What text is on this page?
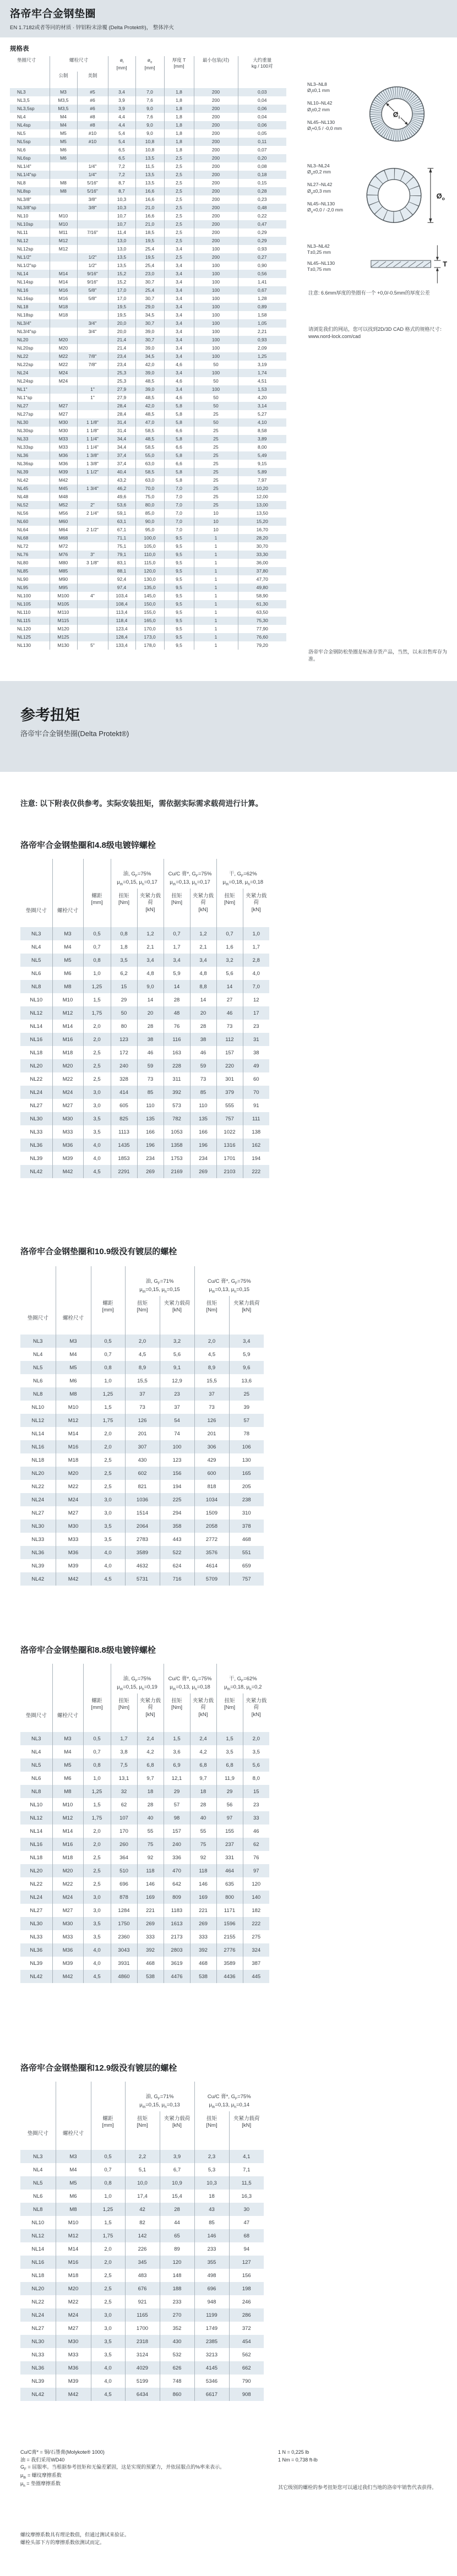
洛帝牢合金钢垫圈
EN 1.7182或者等同的材质 · 锌铝粉末涂覆 (Delta Protekt®)， 整体淬火
规格表
垫圈尺寸	螺栓尺寸	$ø_i$
[mm]

$ø_o$
[mm]

厚度 T
[mm]
	最小包装(对)	大约重量
kg / 100对

	公制	美制					
NL3	M3	#5	3,4	7,0	1,8	200	0,03
NL3,5	M3,5	#6	3,9	7,6	1,8	200	0,04
NL3,5sp	M3,5	#6	3,9	9,0	1,8	200	0,06
NL4	M4	#8	4,4	7,6	1,8	200	0,04
NL4sp	M4	#8	4,4	9,0	1,8	200	0,06
NL5	M5	#10	5,4	9,0	1,8	200	0,05
NL5sp	M5	#10	5,4	10,8	1,8	200	0,11
NL6	M6		6,5	10,8	1,8	200	0,07
NL6sp	M6		6,5	13,5	2,5	200	0,20
NL1/4"		1/4"	7,2	11,5	2,5	200	0,08
NL1/4"sp		1/4"	7,2	13,5	2,5	200	0,18
NL8	M8	5/16"	8,7	13,5	2,5	200	0,15
NL8sp	M8	5/16"	8,7	16,6	2,5	200	0,28
NL3/8"		3/8"	10,3	16,6	2,5	200	0,23
NL3/8"sp		3/8"	10,3	21,0	2,5	200	0,48
NL10	M10		10,7	16,6	2,5	200	0,22
NL10sp	M10		10,7	21,0	2,5	200	0,47
NL11	M11	7/16"	11,4	18,5	2,5	200	0,29
NL12	M12		13,0	19,5	2,5	200	0,29
NL12sp	M12		13,0	25,4	3,4	100	0,93
NL1/2"		1/2"	13,5	19,5	2,5	200	0,27
NL1/2"sp		1/2"	13,5	25,4	3,4	100	0,90
NL14	M14	9/16"	15,2	23,0	3,4	100	0,56
NL14sp	M14	9/16"	15,2	30,7	3,4	100	1,41
NL16	M16	5/8"	17,0	25,4	3,4	100	0,67
NL16sp	M16	5/8"	17,0	30,7	3,4	100	1,28
NL18	M18		19,5	29,0	3,4	100	0,89
NL18sp	M18		19,5	34,5	3,4	100	1,58
NL3/4"		3/4"	20,0	30,7	3,4	100	1,05
NL3/4"sp		3/4"	20,0	39,0	3,4	100	2,21
NL20	M20		21,4	30,7	3,4	100	0,93
NL20sp	M20		21,4	39,0	3,4	100	2,09
NL22	M22	7/8"	23,4	34,5	3,4	100	1,25
NL22sp	M22	7/8"	23,4	42,0	4,6	50	3,19
NL24	M24		25,3	39,0	3,4	100	1,74
NL24sp	M24		25,3	48,5	4,6	50	4,51
NL1"		1"	27,9	39,0	3,4	100	1,53
NL1"sp		1"	27,9	48,5	4,6	50	4,20
NL27	M27		28,4	42,0	5,8	50	3,14
NL27sp	M27		28,4	48,5	5,8	25	5,27
NL30	M30	1 1/8"	31,4	47,0	5,8	50	4,10
NL30sp	M30	1 1/8"	31,4	58,5	6,6	25	8,58
NL33	M33	1 1/4"	34,4	48,5	5,8	25	3,89
NL33sp	M33	1 1/4"	34,4	58,5	6,6	25	8,00
NL36	M36	1 3/8"	37,4	55,0	5,8	25	5,49
NL36sp	M36	1 3/8"	37,4	63,0	6,6	25	9,15
NL39	M39	1 1/2"	40,4	58,5	5,8	25	5,89
NL42	M42		43,2	63,0	5,8	25	7,97
NL45	M45	1 3/4"	46,2	70,0	7,0	25	10,20
NL48	M48		49,6	75,0	7,0	25	12,00
NL52	M52	2"	53,6	80,0	7,0	25	13,00
NL56	M56	2 1/4"	59,1	85,0	7,0	10	13,50
NL60	M60		63,1	90,0	7,0	10	15,20
NL64	M64	2 1/2"	67,1	95,0	7,0	10	16,70
NL68	M68		71,1	100,0	9,5	1	28,20
NL72	M72		75,1	105,0	9,5	1	30,70
NL76	M76	3"	79,1	110,0	9,5	1	33,30
NL80	M80	3 1/8"	83,1	115,0	9,5	1	36,00
NL85	M85		88,1	120,0	9,5	1	37,80
NL90	M90		92,4	130,0	9,5	1	47,70
NL95	M95		97,4	135,0	9,5	1	49,80
NL100	M100	4"	103,4	145,0	9,5	1	58,90
NL105	M105		108,4	150,0	9,5	1	61,30
NL110	M110		113,4	155,0	9,5	1	63,50
NL115	M115		118,4	165,0	9,5	1	75,30
NL120	M120		123,4	170,0	9,5	1	77,90
NL125	M125		128,4	173,0	9,5	1	76,60
NL130	M130	5"	133,4	178,0	9,5	1	79,20
NL3–NL8
$Ø_i\pm 0,1$ mm
NL10–NL42
$Ø_i\pm 0,2$ mm
NL45–NL130
$Ø_i+0,5 / -0,0$ mm
$Ø_i$
NL3–NL24
$Ø_o\pm 0,2$ mm
NL27–NL42
$Ø_o\pm 0,3$ mm
NL45–NL130
$Ø_o+0,0 / -2,0$ mm
$Ø_o$
NL3–NL42
T±0,25 mm
NL45–NL130
T±0,75 mm
T
注意: 6.6mm厚度的垫圈有一个 +0,0/-0.5mm的厚度公差
请浏览我们的网站，您可以找到2D/3D CAD 格式的规格尺寸：www.nord-lock.com/cad
洛帝牢合金钢防松垫圈是标准存货产品，当然，以未出售库存为准。
参考扭矩
洛帝牢合金钢垫圈(Delta Protekt®)
注意: 以下附表仅供参考。实际安装扭矩，需依据实际需求载荷进行计算。
洛帝牢合金钢垫圈和4.8级电镀锌螺栓

油, $G_F=75\%$
$\mu_{th}=0,15$, $\mu_h=0,17$

Cu/C 膏*, $G_F=75\%$
$\mu_{th}=0,13$, $\mu_h=0,17$

干, $G_F=62\%$
$\mu_{th}=0,18$, $\mu_h=0,18$

垫圈尺寸	螺栓尺寸	
螺距
[mm]

扭矩
[Nm]

夹紧力载荷
[kN]

扭矩
[Nm]

夹紧力载荷
[kN]

扭矩
[Nm]

夹紧力载荷
[kN]

NL3	M3	0,5	0,8	1,2	0,7	1,2	0,7	1,0
NL4	M4	0,7	1,8	2,1	1,7	2,1	1,6	1,7
NL5	M5	0,8	3,5	3,4	3,4	3,4	3,2	2,8
NL6	M6	1,0	6,2	4,8	5,9	4,8	5,6	4,0
NL8	M8	1,25	15	9,0	14	8,8	14	7,0
NL10	M10	1,5	29	14	28	14	27	12
NL12	M12	1,75	50	20	48	20	46	17
NL14	M14	2,0	80	28	76	28	73	23
NL16	M16	2,0	123	38	116	38	112	31
NL18	M18	2,5	172	46	163	46	157	38
NL20	M20	2,5	240	59	228	59	220	49
NL22	M22	2,5	328	73	311	73	301	60
NL24	M24	3,0	414	85	392	85	379	70
NL27	M27	3,0	605	110	573	110	555	91
NL30	M30	3,5	825	135	782	135	757	111
NL33	M33	3,5	1113	166	1053	166	1022	138
NL36	M36	4,0	1435	196	1358	196	1316	162
NL39	M39	4,0	1853	234	1753	234	1701	194
NL42	M42	4,5	2291	269	2169	269	2103	222
洛帝牢合金钢垫圈和10.9级没有镀层的螺栓

油, $G_F=71\%$
$\mu_{th}=0,15$, $\mu_h=0,15$

Cu/C 膏*, $G_F=75\%$
$\mu_{th}=0,13$, $\mu_h=0,15$

垫圈尺寸	螺栓尺寸	
螺距
[mm]

扭矩
[Nm]

夹紧力载荷
[kN]

扭矩
[Nm]

夹紧力载荷
[kN]

NL3	M3	0,5	2,0	3,2	2,0	3,4
NL4	M4	0,7	4,5	5,6	4,5	5,9
NL5	M5	0,8	8,9	9,1	8,9	9,6
NL6	M6	1,0	15,5	12,9	15,5	13,6
NL8	M8	1,25	37	23	37	25
NL10	M10	1,5	73	37	73	39
NL12	M12	1,75	126	54	126	57
NL14	M14	2,0	201	74	201	78
NL16	M16	2,0	307	100	306	106
NL18	M18	2,5	430	123	429	130
NL20	M20	2,5	602	156	600	165
NL22	M22	2,5	821	194	818	205
NL24	M24	3,0	1036	225	1034	238
NL27	M27	3,0	1514	294	1509	310
NL30	M30	3,5	2064	358	2058	378
NL33	M33	3,5	2783	443	2772	468
NL36	M36	4,0	3589	522	3576	551
NL39	M39	4,0	4632	624	4614	659
NL42	M42	4,5	5731	716	5709	757
洛帝牢合金钢垫圈和8.8级电镀锌螺栓

油, $G_F=75\%$
$\mu_{th}=0,15$, $\mu_h=0,19$

Cu/C 膏*, $G_F=75\%$
$\mu_{th}=0,13$, $\mu_h=0,18$

干, $G_F=62\%$
$\mu_{th}=0,18$, $\mu_h=0,2$

垫圈尺寸	螺栓尺寸	
螺距
[mm]

扭矩
[Nm]

夹紧力载荷
[kN]

扭矩
[Nm]

夹紧力载荷
[kN]

扭矩
[Nm]

夹紧力载荷
[kN]

NL3	M3	0,5	1,7	2,4	1,5	2,4	1,5	2,0
NL4	M4	0,7	3,8	4,2	3,6	4,2	3,5	3,5
NL5	M5	0,8	7,5	6,8	6,9	6,8	6,8	5,6
NL6	M6	1,0	13,1	9,7	12,1	9,7	11,9	8,0
NL8	M8	1,25	32	18	29	18	29	15
NL10	M10	1,5	62	28	57	28	56	23
NL12	M12	1,75	107	40	98	40	97	33
NL14	M14	2,0	170	55	157	55	155	46
NL16	M16	2,0	260	75	240	75	237	62
NL18	M18	2,5	364	92	336	92	331	76
NL20	M20	2,5	510	118	470	118	464	97
NL22	M22	2,5	696	146	642	146	635	120
NL24	M24	3,0	878	169	809	169	800	140
NL27	M27	3,0	1284	221	1183	221	1171	182
NL30	M30	3,5	1750	269	1613	269	1596	222
NL33	M33	3,5	2360	333	2173	333	2155	275
NL36	M36	4,0	3043	392	2803	392	2776	324
NL39	M39	4,0	3931	468	3619	468	3589	387
NL42	M42	4,5	4860	538	4476	538	4436	445
洛帝牢合金钢垫圈和12.9级没有镀层的螺栓

油, $G_F=71\%$
$\mu_{th}=0,15$, $\mu_h=0,13$

Cu/C 膏*, $G_F=75\%$
$\mu_{th}=0,13$, $\mu_h=0,14$

垫圈尺寸	螺栓尺寸	
螺距
[mm]

扭矩
[Nm]

夹紧力载荷
[kN]

扭矩
[Nm]

夹紧力载荷
[kN]

NL3	M3	0,5	2,2	3,9	2,3	4,1
NL4	M4	0,7	5,1	6,7	5,3	7,1
NL5	M5	0,8	10,0	10,9	10,3	11,5
NL6	M6	1,0	17,4	15,4	18	16,3
NL8	M8	1,25	42	28	43	30
NL10	M10	1,5	82	44	85	47
NL12	M12	1,75	142	65	146	68
NL14	M14	2,0	226	89	233	94
NL16	M16	2,0	345	120	355	127
NL18	M18	2,5	483	148	498	156
NL20	M20	2,5	676	188	696	198
NL22	M22	2,5	921	233	948	246
NL24	M24	3,0	1165	270	1199	286
NL27	M27	3,0	1700	352	1749	372
NL30	M30	3,5	2318	430	2385	454
NL33	M33	3,5	3124	532	3213	562
NL36	M36	4,0	4029	626	4145	662
NL39	M39	4,0	5199	748	5346	790
NL42	M42	4,5	6434	860	6617	908
Cu/C膏* = 铜/石墨膏(Molykote® 1000)
油 = 我们采用WD40
$G_F$ = 屈服率。当根据参考扭矩和无偏差紧固，这是实现的预紧力，并依屈服点的%率来表示。
$\mu_{th}$ = 螺纹摩擦系数
$\mu_h$ = 垫圈摩擦系数
螺纹摩擦系数具有理论数值，但通过测试来验证。
螺栓头部下方的摩擦系数依测试而定。
1 N = 0,225 lb
1 Nm = 0,738 ft-lb
其它级别的螺栓的参考扭矩您可以通过我们当地的洛帝牢销售代表获得。
